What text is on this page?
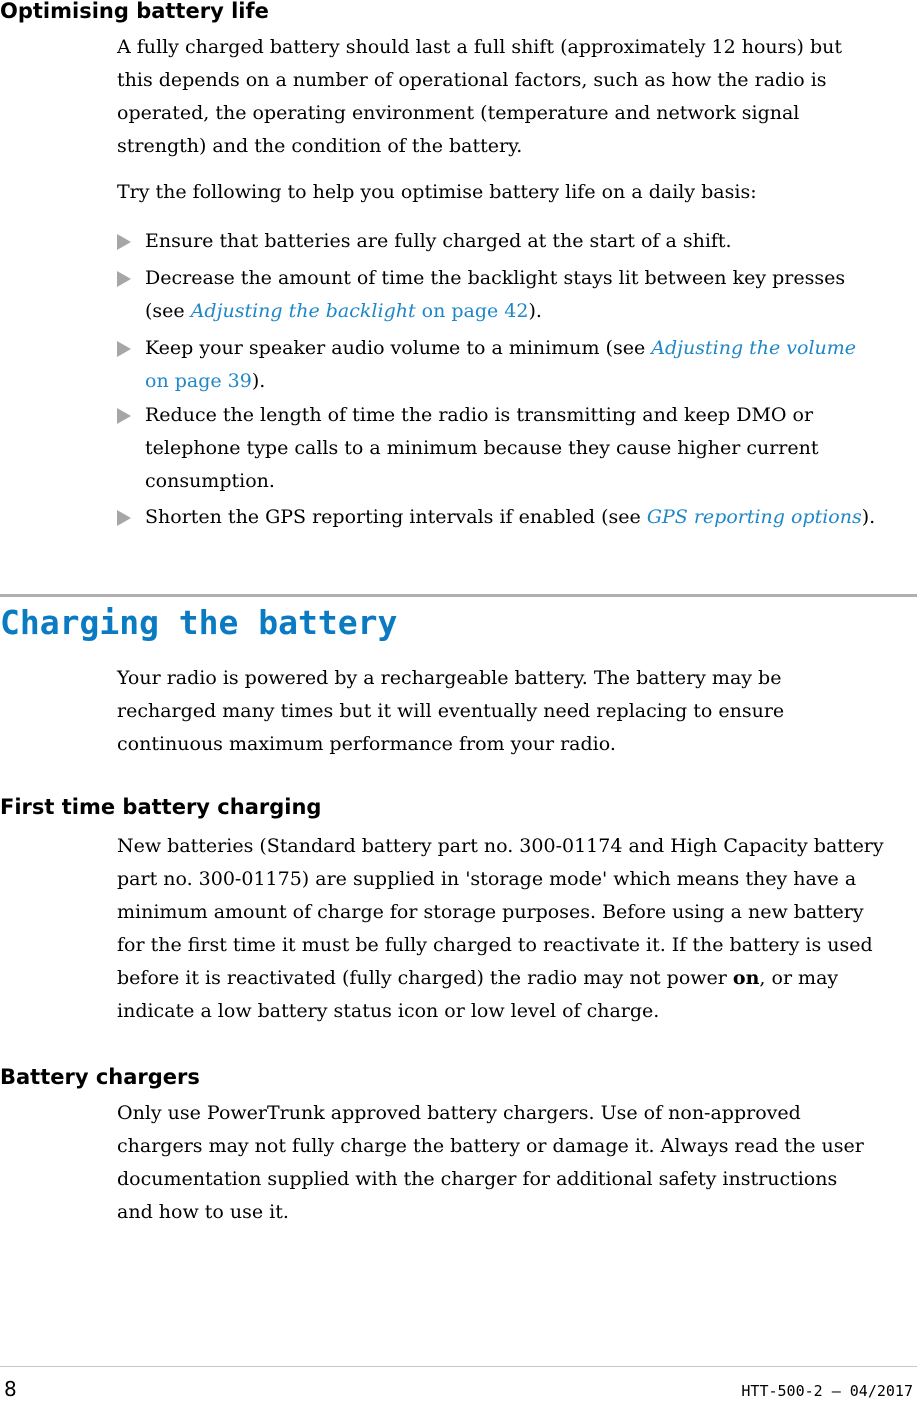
Optimising battery life

A fully charged battery should last a full shift (approximately 12 hours) but
this depends on a number of operational factors, such as how the radio is
operated, the operating environment (temperature and network signal
strength) and the condition of the battery.

Try the following to help you optimise battery life on a daily basis:

Ensure that batteries are fully charged at the start of a shift.
Decrease the amount of time the backlight stays lit between key presses
(see Adjusting the backlight on page 42).
Keep your speaker audio volume to a minimum (see Adjusting the volume
on page 39).
Reduce the length of time the radio is transmitting and keep DMO or
telephone type calls to a minimum because they cause higher current
consumption.
Shorten the GPS reporting intervals if enabled (see GPS reporting options).
Charging the battery

Your radio is powered by a rechargeable battery. The battery may be
recharged many times but it will eventually need replacing to ensure
continuous maximum performance from your radio.

First time battery charging

New batteries (Standard battery part no. 300-01174 and High Capacity battery
part no. 300-01175) are supplied in 'storage mode' which means they have a
minimum amount of charge for storage purposes. Before using a new battery
for the first time it must be fully charged to reactivate it. If the battery is used
before it is reactivated (fully charged) the radio may not power on, or may
indicate a low battery status icon or low level of charge.

Battery chargers

Only use PowerTrunk approved battery chargers. Use of non-approved
chargers may not fully charge the battery or damage it. Always read the user
documentation supplied with the charger for additional safety instructions
and how to use it.

8	HTT-500-2 – 04/2017
